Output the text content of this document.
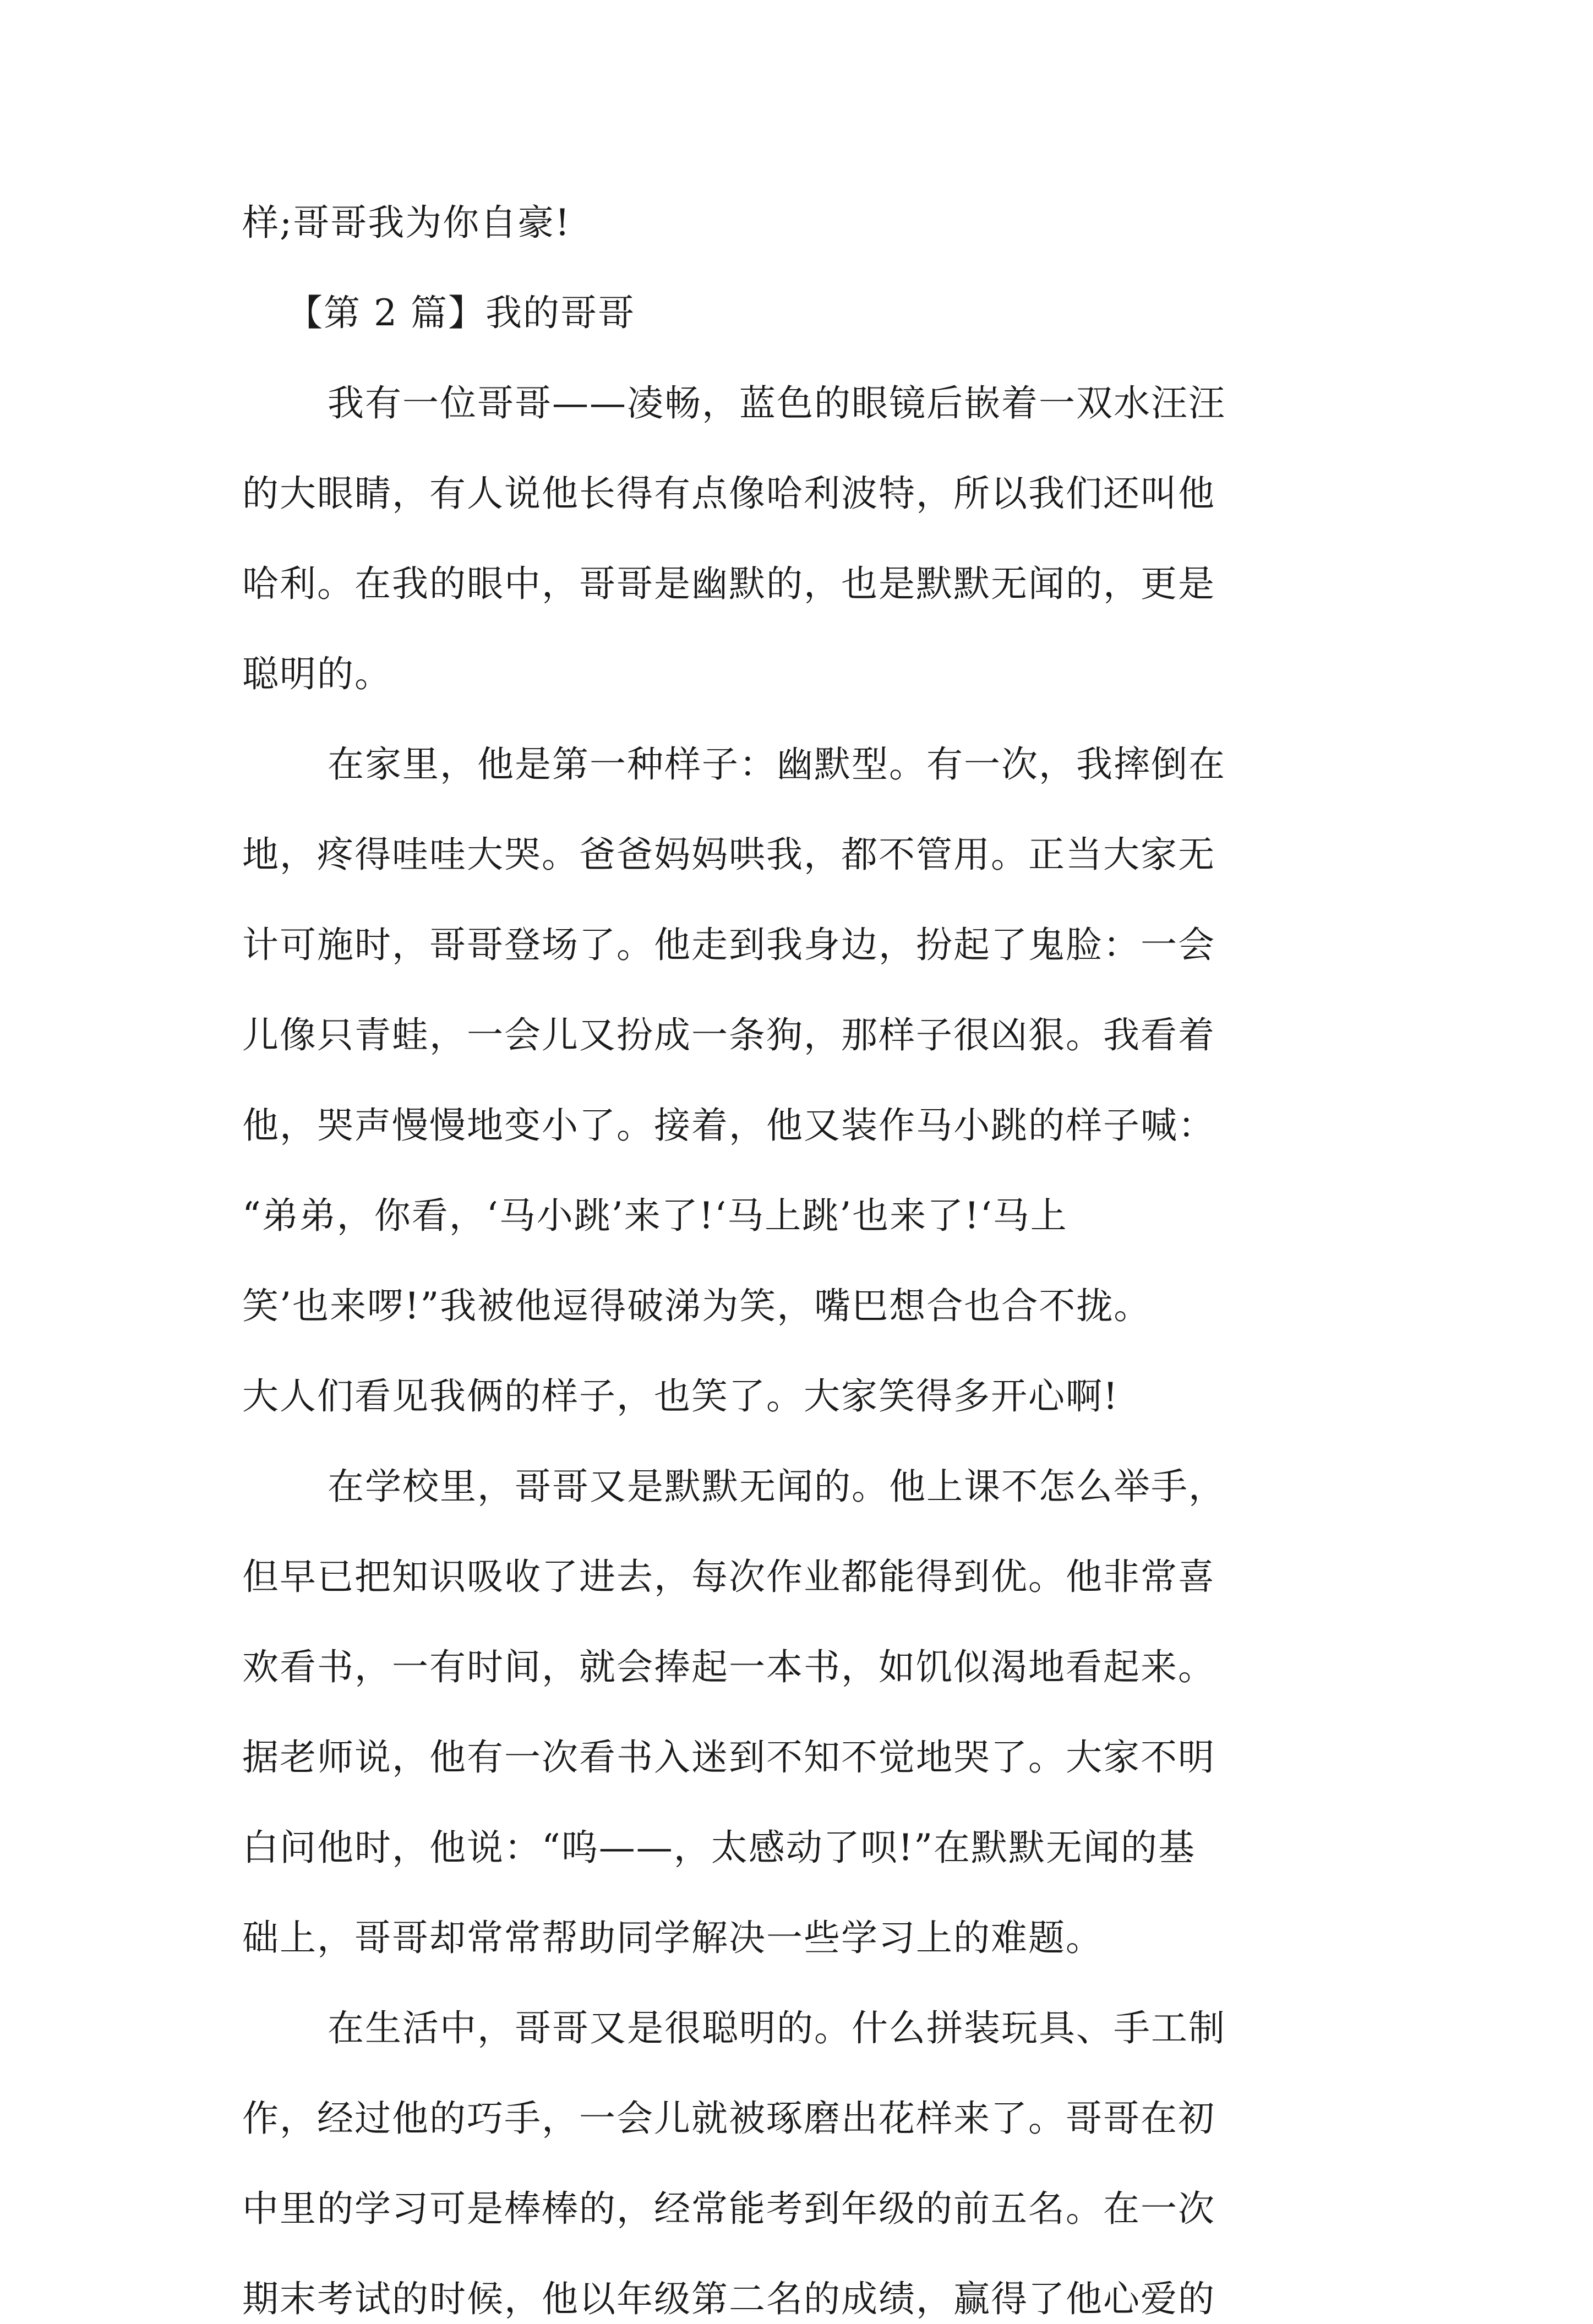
样;哥哥我为你自豪!
【第 2 篇】我的哥哥
我有一位哥哥——凌畅，蓝色的眼镜后嵌着一双水汪汪
的大眼睛，有人说他长得有点像哈利波特，所以我们还叫他
哈利。在我的眼中，哥哥是幽默的，也是默默无闻的，更是
聪明的。
在家里，他是第一种样子：幽默型。有一次，我摔倒在
地，疼得哇哇大哭。爸爸妈妈哄我，都不管用。正当大家无
计可施时，哥哥登场了。他走到我身边，扮起了鬼脸：一会
儿像只青蛙，一会儿又扮成一条狗，那样子很凶狠。我看着
他，哭声慢慢地变小了。接着，他又装作马小跳的样子喊：
“弟弟，你看，‘马小跳’来了!‘马上跳’也来了!‘马上
笑’也来啰!”我被他逗得破涕为笑，嘴巴想合也合不拢。
大人们看见我俩的样子，也笑了。大家笑得多开心啊!
在学校里，哥哥又是默默无闻的。他上课不怎么举手，
但早已把知识吸收了进去，每次作业都能得到优。他非常喜
欢看书，一有时间，就会捧起一本书，如饥似渴地看起来。
据老师说，他有一次看书入迷到不知不觉地哭了。大家不明
白问他时，他说：“呜——，太感动了呗!”在默默无闻的基
础上，哥哥却常常帮助同学解决一些学习上的难题。
在生活中，哥哥又是很聪明的。什么拼装玩具、手工制
作，经过他的巧手，一会儿就被琢磨出花样来了。哥哥在初
中里的学习可是棒棒的，经常能考到年级的前五名。在一次
期末考试的时候，他以年级第二名的成绩，赢得了他心爱的
